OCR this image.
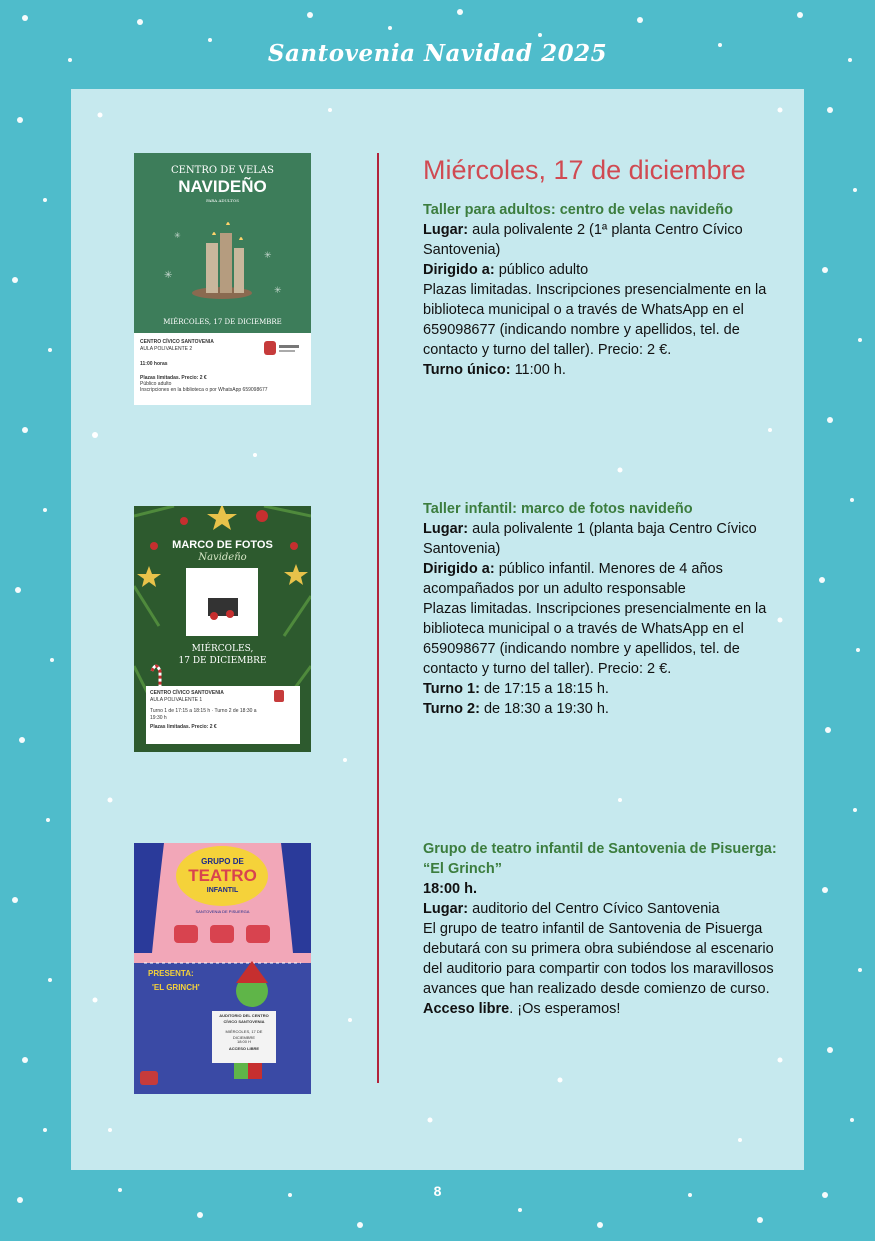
Santovenia Navidad 2025
Miércoles, 17 de diciembre
Taller para adultos: centro de velas navideño
Lugar: aula polivalente 2 (1ª planta Centro Cívico Santovenia)
Dirigido a: público adulto
Plazas limitadas. Inscripciones presencialmente en la biblioteca municipal o a través de WhatsApp en el 659098677 (indicando nombre y apellidos, tel. de contacto y turno del taller). Precio: 2 €.
Turno único: 11:00 h.
Taller infantil: marco de fotos navideño
Lugar: aula polivalente 1 (planta baja Centro Cívico Santovenia)
Dirigido a: público infantil. Menores de 4 años acompañados por un adulto responsable
Plazas limitadas. Inscripciones presencialmente en la biblioteca municipal o a través de WhatsApp en el 659098677 (indicando nombre y apellidos, tel. de contacto y turno del taller). Precio: 2 €.
Turno 1: de 17:15 a 18:15 h.
Turno 2: de 18:30 a 19:30 h.
Grupo de teatro infantil de Santovenia de Pisuerga: “El Grinch”
18:00 h.
Lugar: auditorio del Centro Cívico Santovenia
El grupo de teatro infantil de Santovenia de Pisuerga debutará con su primera obra subiéndose al escenario del auditorio para compartir con todos los maravillosos avances que han realizado desde comienzo de curso.
Acceso libre. ¡Os esperamos!
CENTRO DE VELAS
NAVIDEÑO
PARA ADULTOS
✳
✳
✳
✳
MIÉRCOLES, 17 DE DICIEMBRE
CENTRO CÍVICO SANTOVENIA
AULA POLIVALENTE 2
11:00 horas
Plazas limitadas. Precio: 2 €
Público adulto
Inscripciones en la biblioteca o por WhatsApp 659098677
MARCO DE FOTOS
Navideño
MIÉRCOLES,
17 DE DICIEMBRE
CENTRO CÍVICO SANTOVENIA
AULA POLIVALENTE 1
Turno 1 de 17:15 a 18:15 h · Turno 2 de 18:30 a 19:30 h
Plazas limitadas. Precio: 2 €
GRUPO DE
TEATRO
INFANTIL
SANTOVENIA DE PISUERGA
PRESENTA:
'EL GRINCH'
AUDITORIO DEL CENTRO CÍVICO SANTOVENIA
MIÉRCOLES, 17 DE DICIEMBRE
18:00 H
ACCESO LIBRE
8
